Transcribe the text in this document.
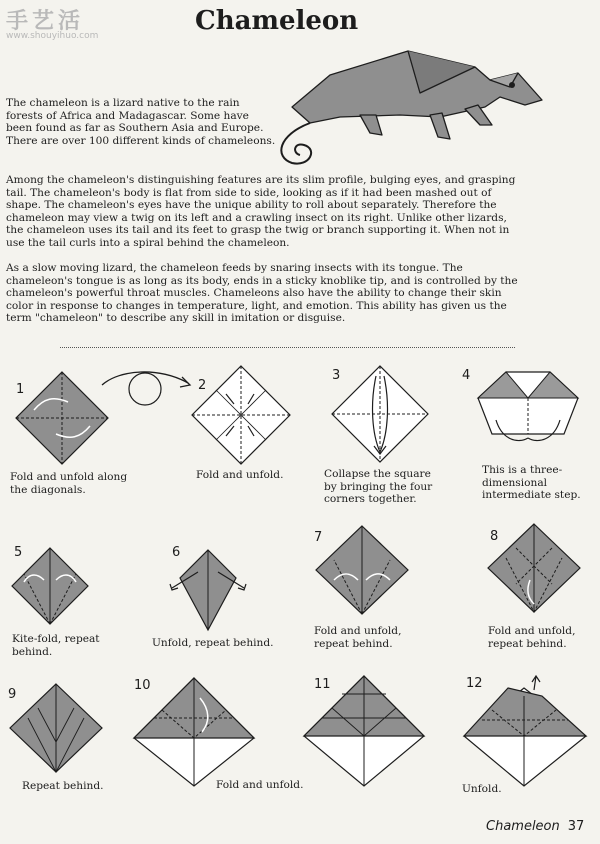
手艺活
www.shouyihuo.com	Chameleon
The chameleon is a lizard native to the rain forests of Africa and Madagascar. Some have been found as far as Southern Asia and Europe. There are over 100 different kinds of chameleons.
Among the chameleon's distinguishing features are its slim profile, bulging eyes, and grasping tail. The chameleon's body is flat from side to side, looking as if it had been mashed out of shape. The chameleon's eyes have the unique ability to roll about separately. Therefore the chameleon may view a twig on its left and a crawling insect on its right. Unlike other lizards, the chameleon uses its tail and its feet to grasp the twig or branch supporting it. When not in use the tail curls into a spiral behind the chameleon.
As a slow moving lizard, the chameleon feeds by snaring insects with its tongue. The chameleon's tongue is as long as its body, ends in a sticky knoblike tip, and is controlled by the chameleon's powerful throat muscles. Chameleons also have the ability to change their skin color in response to changes in temperature, light, and emotion. This ability has given us the term "chameleon" to describe any skill in imitation or disguise.
1
Fold and unfold along the diagonals.
2
Fold and unfold.
3
Collapse the square by bringing the four corners together.
4
This is a three-dimensional intermediate step.
5
Kite-fold, repeat behind.
6
Unfold, repeat behind.
7
Fold and unfold, repeat behind.
8
Fold and unfold, repeat behind.
9
Repeat behind.
10
Fold and unfold.
11	12
Unfold.
Chameleon 37
